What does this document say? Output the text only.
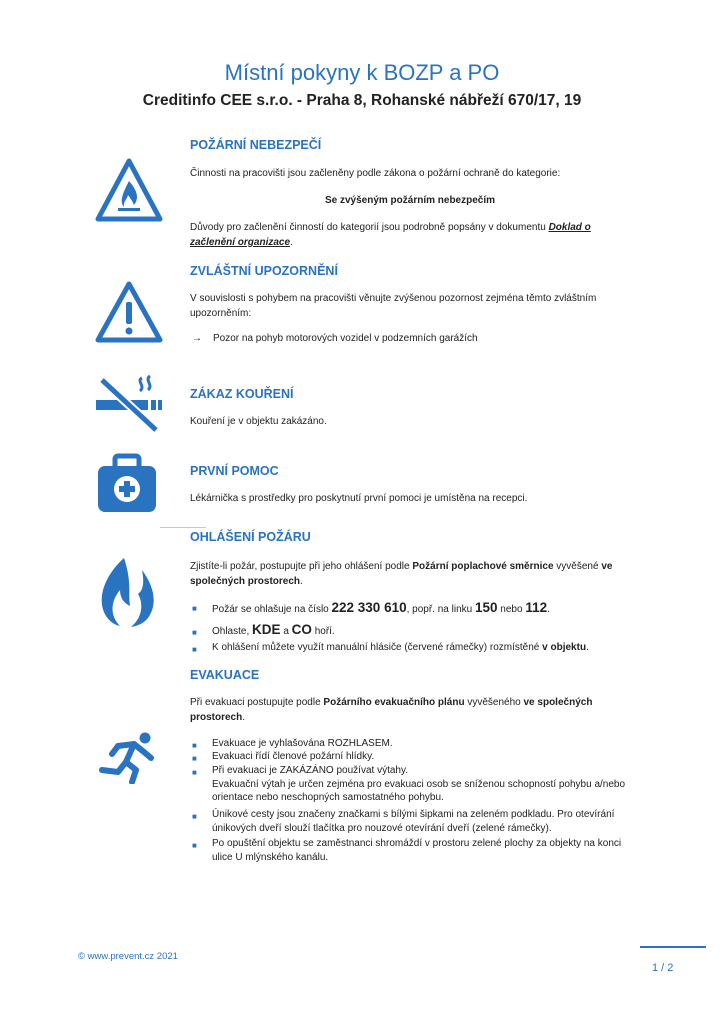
Místní pokyny k BOZP a PO
Creditinfo CEE s.r.o. - Praha 8, Rohanské nábřeží 670/17, 19
POŽÁRNÍ NEBEZPEČÍ
Činnosti na pracovišti jsou začleněny podle zákona o požární ochraně do kategorie:
Se zvýšeným požárním nebezpečím
Důvody pro začlenění činností do kategorií jsou podrobně popsány v dokumentu Doklad o začlenění organizace.
ZVLÁŠTNÍ UPOZORNĚNÍ
V souvislosti s pohybem na pracovišti věnujte zvýšenou pozornost zejména těmto zvláštním upozorněním:
→	Pozor na pohyb motorových vozidel v podzemních garážích
ZÁKAZ KOUŘENÍ
Kouření je v objektu zakázáno.
PRVNÍ POMOC
Lékárnička s prostředky pro poskytnutí první pomoci je umístěna na recepci.
OHLÁŠENÍ POŽÁRU
Zjistíte-li požár, postupujte při jeho ohlášení podle Požární poplachové směrnice vyvěšené ve společných prostorech.
■ Požár se ohlašuje na číslo 222 330 610, popř. na linku 150 nebo 112.
■ Ohlaste, KDE a CO hoří.
■ K ohlášení můžete využít manuální hlásiče (červené rámečky) rozmístěné v objektu.
EVAKUACE
Při evakuaci postupujte podle Požárního evakuačního plánu vyvěšeného ve společných prostorech.
■ Evakuace je vyhlašována ROZHLASEM.
■ Evakuaci řídí členové požární hlídky.
■ Při evakuaci je ZAKÁZÁNO používat výtahy.
Evakuační výtah je určen zejména pro evakuaci osob se sníženou schopností pohybu a/nebo orientace nebo neschopných samostatného pohybu.
■ Únikové cesty jsou značeny značkami s bílými šipkami na zeleném podkladu. Pro otevírání únikových dveří slouží tlačítka pro nouzové otevírání dveří (zelené rámečky).
■ Po opuštění objektu se zaměstnanci shromáždí v prostoru zelené plochy za objekty na konci ulice U mlýnského kanálu.
© www.prevent.cz 2021
1 / 2
